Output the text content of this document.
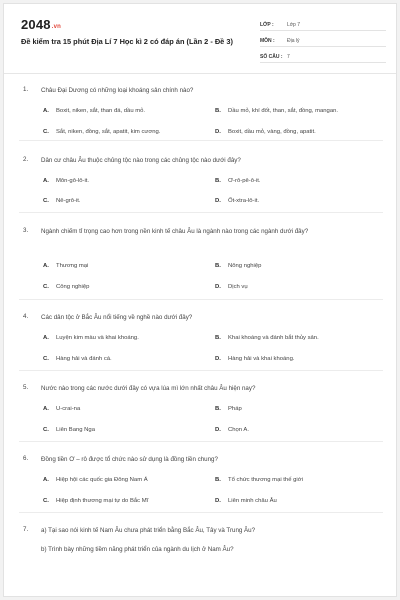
2048.vn
Đề kiểm tra 15 phút Địa Lí 7 Học kì 2 có đáp án (Lần 2 - Đề 3)
LỚP :	Lớp 7
MÔN :	Địa lý
SỐ CÂU : 7
1. Châu Đại Dương có những loại khoáng sản chính nào?
A. Boxit, niken, sắt, than đá, dầu mỏ.	B. Dầu mỏ, khí đốt, than, sắt, đồng, mangan.
C. Sắt, niken, đồng, sắt, apatit, kim cương.	D. Boxit, dầu mỏ, vàng, đồng, apatit.
2. Dân cư châu Âu thuộc chủng tộc nào trong các chủng tộc nào dưới đây?
A. Môn-gô-lô-it.	B. Ơ-rô-pê-ô-it.
C. Nê-grô-it.	D. Ốt-xtra-lô-it.
3. Ngành chiếm tỉ trọng cao hơn trong nền kinh tế châu Âu là ngành nào trong các ngành dưới đây?
A. Thương mại	B. Nông nghiệp
C. Công nghiệp	D. Dịch vụ
4. Các dân tộc ở Bắc Âu nổi tiếng về nghề nào dưới đây?
A. Luyện kim màu và khai khoáng.	B. Khai khoáng và đánh bắt thủy sản.
C. Hàng hải và đánh cá.	D. Hàng hải và khai khoáng.
5. Nước nào trong các nước dưới đây có vựa lúa mì lớn nhất châu Âu hiện nay?
A. U-crai-na	B. Pháp
C. Liên Bang Nga	D. Chọn A.
6. Đồng tiền Ơ – rô được tổ chức nào sử dụng là đồng tiền chung?
A. Hiệp hội các quốc gia Đông Nam Á	B. Tổ chức thương mại thế giới
C. Hiệp định thương mại tự do Bắc Mĩ	D. Liên minh châu Âu
7. a) Tại sao nói kinh tế Nam Âu chưa phát triển bằng Bắc Âu, Tây và Trung Âu?
b) Trình bày những tiềm năng phát triển của ngành du lịch ở Nam Âu?
